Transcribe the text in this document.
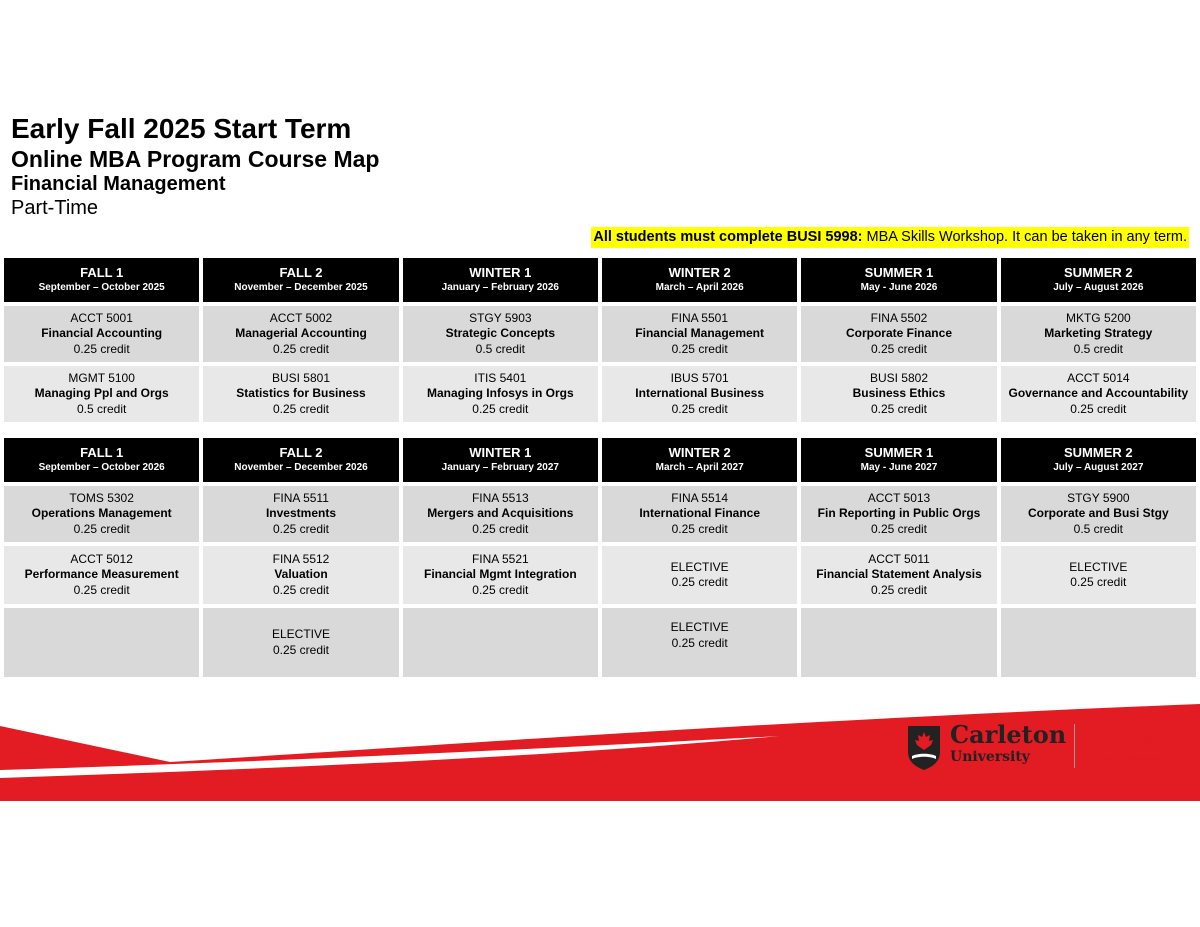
Early Fall 2025 Start Term
Online MBA Program Course Map
Financial Management
Part-Time
All students must complete BUSI 5998: MBA Skills Workshop. It can be taken in any term.
FALL 1
September – October 2025
FALL 2
November – December 2025
WINTER 1
January – February 2026
WINTER 2
March – April 2026
SUMMER 1
May - June 2026
SUMMER 2
July – August 2026
ACCT 5001
Financial Accounting
0.25 credit
ACCT 5002
Managerial Accounting
0.25 credit
STGY 5903
Strategic Concepts
0.5 credit
FINA 5501
Financial Management
0.25 credit
FINA 5502
Corporate Finance
0.25 credit
MKTG 5200
Marketing Strategy
0.5 credit
MGMT 5100
Managing Ppl and Orgs
0.5 credit
BUSI 5801
Statistics for Business
0.25 credit
ITIS 5401
Managing Infosys in Orgs
0.25 credit
IBUS 5701
International Business
0.25 credit
BUSI 5802
Business Ethics
0.25 credit
ACCT 5014
Governance and Accountability
0.25 credit
FALL 1
September – October 2026
FALL 2
November – December 2026
WINTER 1
January – February 2027
WINTER 2
March – April 2027
SUMMER 1
May - June 2027
SUMMER 2
July – August 2027
TOMS 5302
Operations Management
0.25 credit
FINA 5511
Investments
0.25 credit
FINA 5513
Mergers and Acquisitions
0.25 credit
FINA 5514
International Finance
0.25 credit
ACCT 5013
Fin Reporting in Public Orgs
0.25 credit
STGY 5900
Corporate and Busi Stgy
0.5 credit
ACCT 5012
Performance Measurement
0.25 credit
FINA 5512
Valuation
0.25 credit
FINA 5521
Financial Mgmt Integration
0.25 credit
ELECTIVE
0.25 credit
ACCT 5011
Financial Statement Analysis
0.25 credit
ELECTIVE
0.25 credit
ELECTIVE
0.25 credit
ELECTIVE
0.25 credit
Carleton
University
Sprott
School of Business
